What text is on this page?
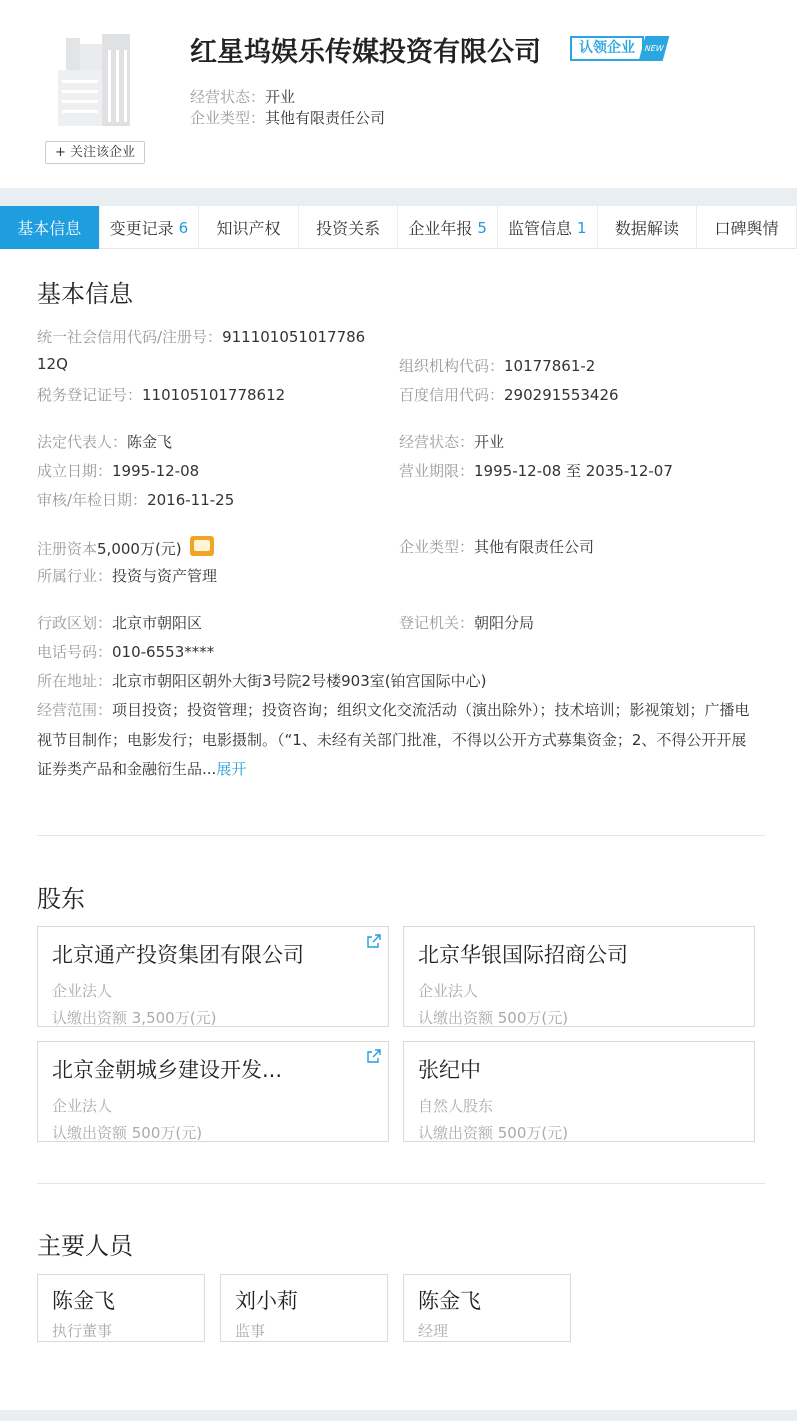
+ 关注该企业
红星坞娱乐传媒投资有限公司	认领企业	NEW
经营状态：开业
企业类型：其他有限责任公司
基本信息 变更记录 6 知识产权 投资关系 企业年报 5 监管信息 1 数据解读 口碑舆情
基本信息
统一社会信用代码/注册号：911101051017786
12Q	组织机构代码：10177861-2
税务登记证号：110105101778612	百度信用代码：290291553426
法定代表人：陈金飞	经营状态：开业
成立日期：1995-12-08	营业期限：1995-12-08 至 2035-12-07
审核/年检日期：2016-11-25
注册资本5,000万(元)	企业类型：其他有限责任公司
所属行业：投资与资产管理
行政区划：北京市朝阳区	登记机关：朝阳分局
电话号码：010-6553****
所在地址：北京市朝阳区朝外大街3号院2号楼903室(铂宫国际中心)
经营范围：项目投资；投资管理；投资咨询；组织文化交流活动（演出除外）；技术培训；影视策划；广播电视节目制作；电影发行；电影摄制。（“1、未经有关部门批准，不得以公开方式募集资金；2、不得公开开展证券类产品和金融衍生品...展开
股东
北京通产投资集团有限公司
企业法人
认缴出资额 3,500万(元)
北京华银国际招商公司
企业法人
认缴出资额 500万(元)
北京金朝城乡建设开发...
企业法人
认缴出资额 500万(元)
张纪中
自然人股东
认缴出资额 500万(元)
主要人员
陈金飞
执行董事
刘小莉
监事
陈金飞
经理
